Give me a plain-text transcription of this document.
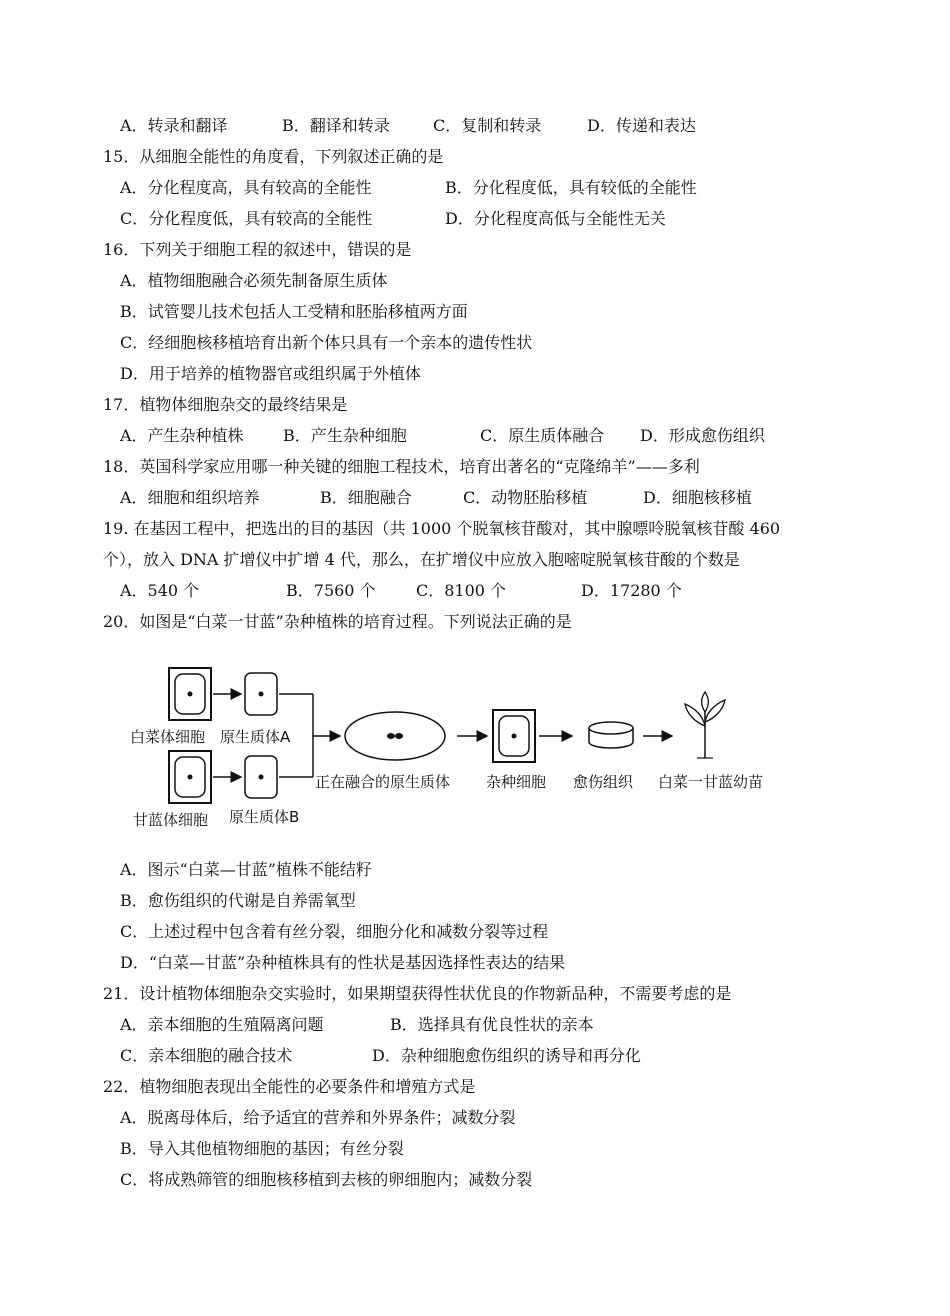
A．转录和翻译	B．翻译和转录	C．复制和转录	D．传递和表达
15．从细胞全能性的角度看，下列叙述正确的是
A．分化程度高，具有较高的全能性	B．分化程度低，具有较低的全能性
C．分化程度低，具有较高的全能性	D．分化程度高低与全能性无关
16．下列关于细胞工程的叙述中，错误的是
A．植物细胞融合必须先制备原生质体
B．试管婴儿技术包括人工受精和胚胎移植两方面
C．经细胞核移植培育出新个体只具有一个亲本的遗传性状
D．用于培养的植物器官或组织属于外植体
17．植物体细胞杂交的最终结果是
A．产生杂种植株 B．产生杂种细胞	C．原生质体融合 D．形成愈伤组织
18．英国科学家应用哪一种关键的细胞工程技术，培育出著名的“克隆绵羊”——多利
A．细胞和组织培养	B．细胞融合	C．动物胚胎移植	D．细胞核移植
19. 在基因工程中，把选出的目的基因（共 1000 个脱氧核苷酸对，其中腺嘌呤脱氧核苷酸 460
个），放入 DNA 扩增仪中扩增 4 代，那么，在扩增仪中应放入胞嘧啶脱氧核苷酸的个数是
A．540 个	B．7560 个	C．8100 个	D．17280 个
20．如图是“白菜一甘蓝”杂种植株的培育过程。下列说法正确的是
白菜体细胞 原生质体A
甘蓝体细胞 原生质体B
正在融合的原生质体 杂种细胞 愈伤组织 白菜一甘蓝幼苗
A．图示“白菜—甘蓝”植株不能结籽
B．愈伤组织的代谢是自养需氧型
C．上述过程中包含着有丝分裂，细胞分化和减数分裂等过程
D．“白菜—甘蓝”杂种植株具有的性状是基因选择性表达的结果
21．设计植物体细胞杂交实验时，如果期望获得性状优良的作物新品种，不需要考虑的是
A．亲本细胞的生殖隔离问题	B．选择具有优良性状的亲本
C．亲本细胞的融合技术	D．杂种细胞愈伤组织的诱导和再分化
22．植物细胞表现出全能性的必要条件和增殖方式是
A．脱离母体后，给予适宜的营养和外界条件；减数分裂
B．导入其他植物细胞的基因；有丝分裂
C．将成熟筛管的细胞核移植到去核的卵细胞内；减数分裂
